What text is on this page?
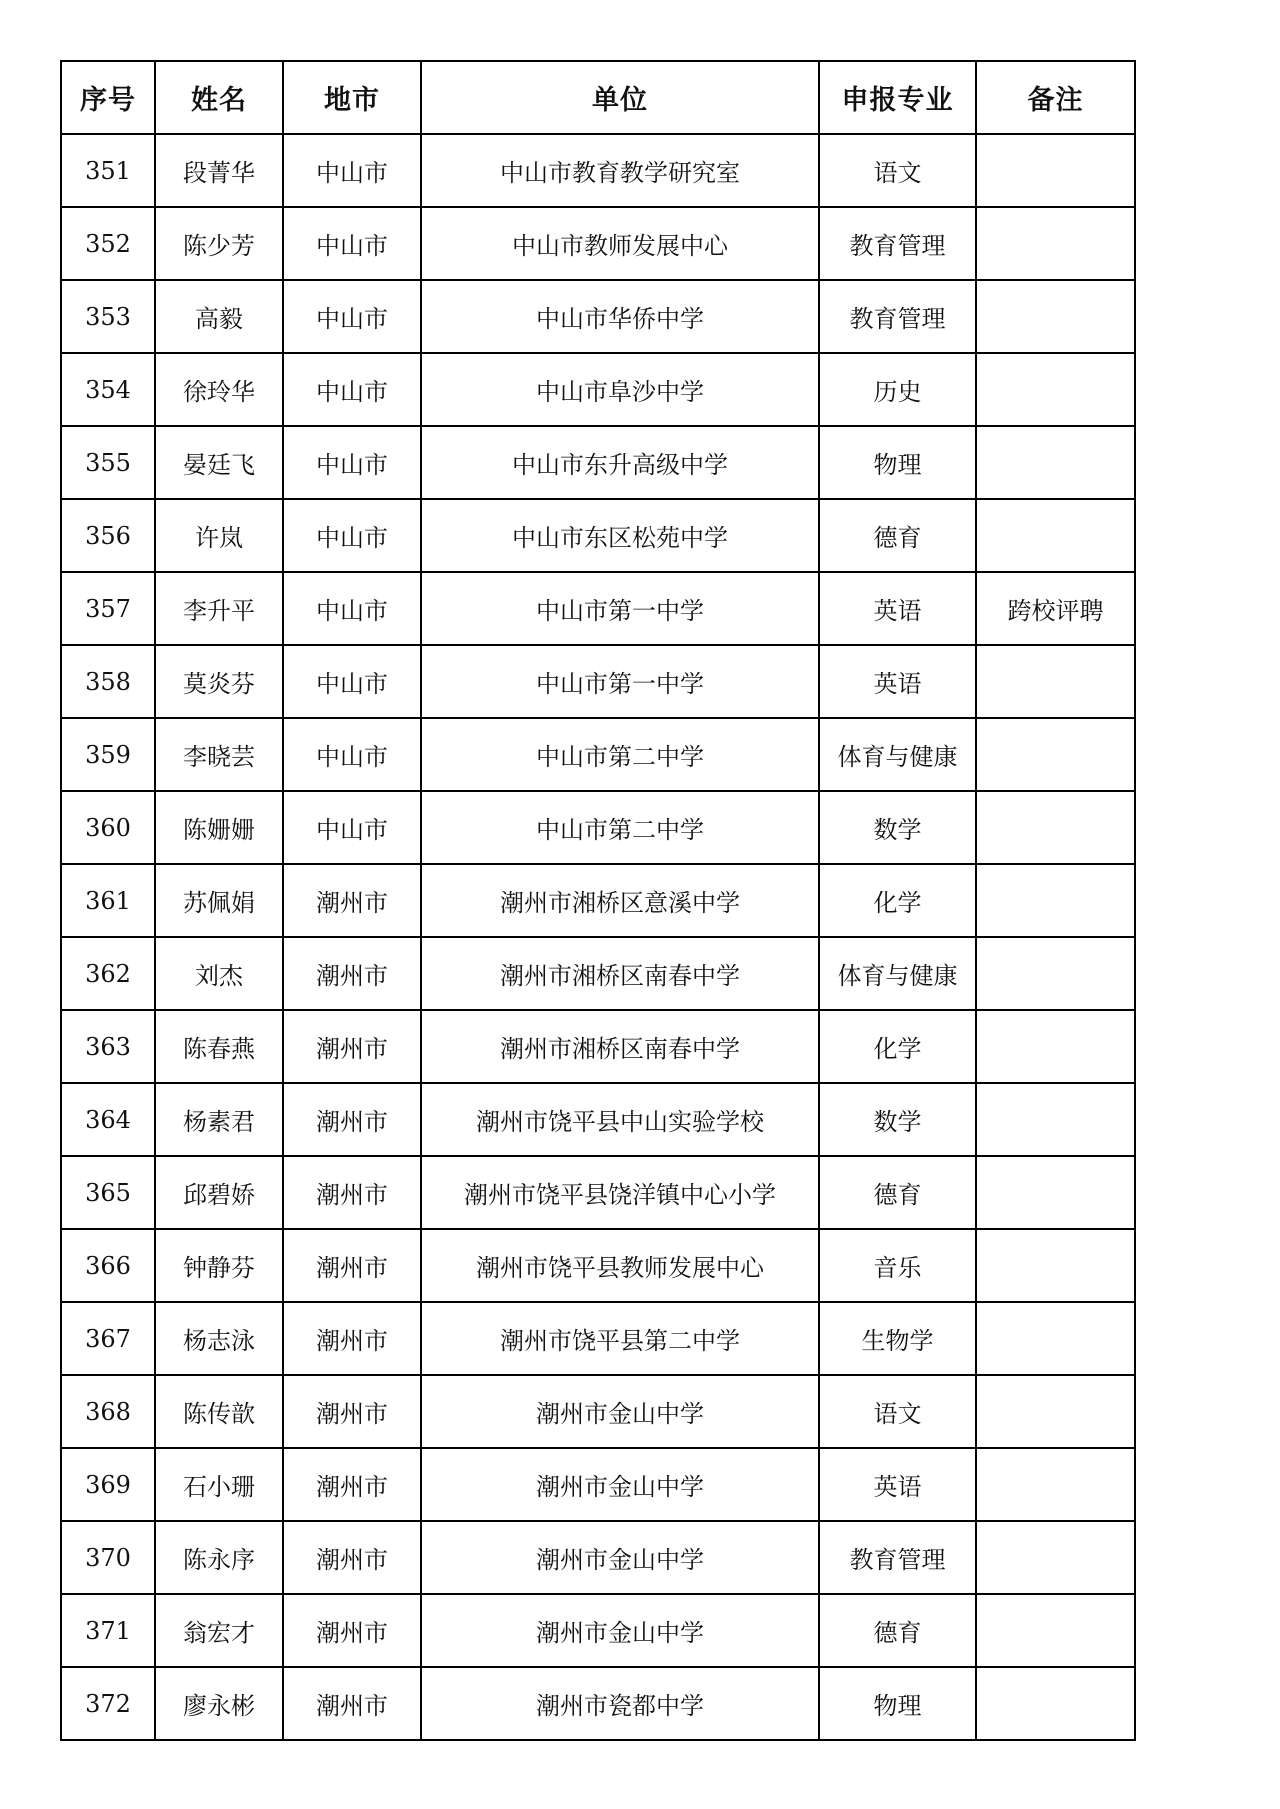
序号	姓名	地市	单位	申报专业	备注
351	段菁华	中山市	中山市教育教学研究室	语文	
352	陈少芳	中山市	中山市教师发展中心	教育管理	
353	高毅	中山市	中山市华侨中学	教育管理	
354	徐玲华	中山市	中山市阜沙中学	历史	
355	晏廷飞	中山市	中山市东升高级中学	物理	
356	许岚	中山市	中山市东区松苑中学	德育	
357	李升平	中山市	中山市第一中学	英语	跨校评聘
358	莫炎芬	中山市	中山市第一中学	英语	
359	李晓芸	中山市	中山市第二中学	体育与健康	
360	陈姗姗	中山市	中山市第二中学	数学	
361	苏佩娟	潮州市	潮州市湘桥区意溪中学	化学	
362	刘杰	潮州市	潮州市湘桥区南春中学	体育与健康	
363	陈春燕	潮州市	潮州市湘桥区南春中学	化学	
364	杨素君	潮州市	潮州市饶平县中山实验学校	数学	
365	邱碧娇	潮州市	潮州市饶平县饶洋镇中心小学	德育	
366	钟静芬	潮州市	潮州市饶平县教师发展中心	音乐	
367	杨志泳	潮州市	潮州市饶平县第二中学	生物学	
368	陈传歆	潮州市	潮州市金山中学	语文	
369	石小珊	潮州市	潮州市金山中学	英语	
370	陈永序	潮州市	潮州市金山中学	教育管理	
371	翁宏才	潮州市	潮州市金山中学	德育	
372	廖永彬	潮州市	潮州市瓷都中学	物理	
